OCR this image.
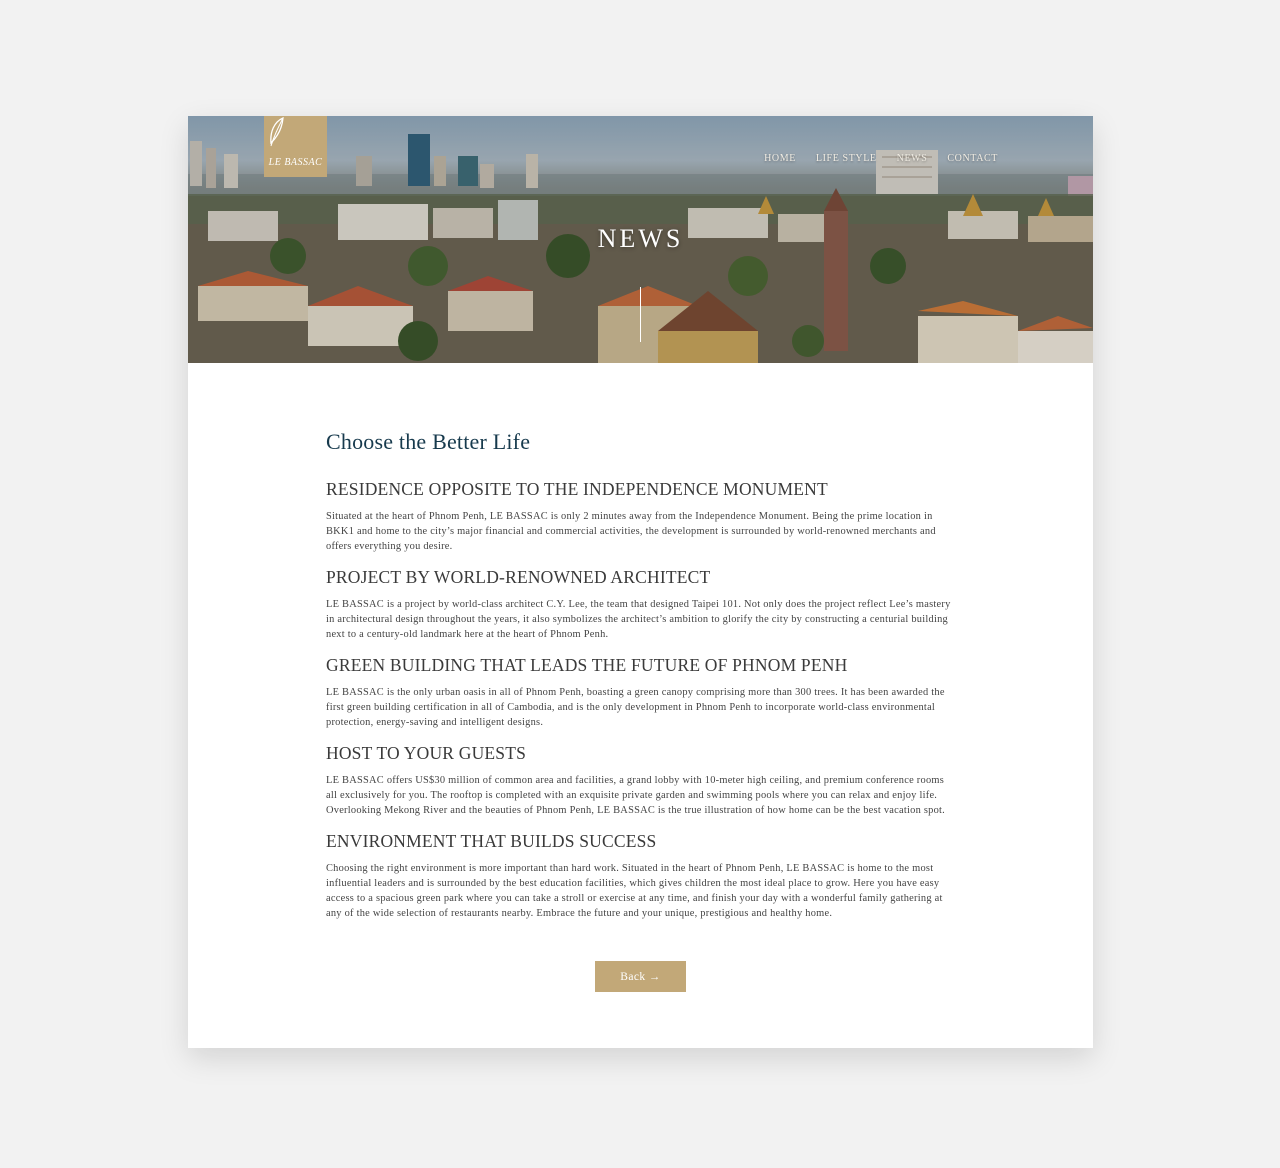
LE BASSAC	HOME LIFE STYLE NEWS CONTACT
NEWS
Choose the Better Life
RESIDENCE OPPOSITE TO THE INDEPENDENCE MONUMENT

Situated at the heart of Phnom Penh, LE BASSAC is only 2 minutes away from the Independence Monument. Being the prime location in BKK1 and home to the city’s major financial and commercial activities, the development is surrounded by world-renowned merchants and offers everything you desire.

PROJECT BY WORLD-RENOWNED ARCHITECT

LE BASSAC is a project by world-class architect C.Y. Lee, the team that designed Taipei 101. Not only does the project reflect Lee’s mastery in architectural design throughout the years, it also symbolizes the architect’s ambition to glorify the city by constructing a centurial building next to a century-old landmark here at the heart of Phnom Penh.

GREEN BUILDING THAT LEADS THE FUTURE OF PHNOM PENH

LE BASSAC is the only urban oasis in all of Phnom Penh, boasting a green canopy comprising more than 300 trees. It has been awarded the first green building certification in all of Cambodia, and is the only development in Phnom Penh to incorporate world-class environmental protection, energy-saving and intelligent designs.

HOST TO YOUR GUESTS

LE BASSAC offers US$30 million of common area and facilities, a grand lobby with 10-meter high ceiling, and premium conference rooms all exclusively for you. The rooftop is completed with an exquisite private garden and swimming pools where you can relax and enjoy life. Overlooking Mekong River and the beauties of Phnom Penh, LE BASSAC is the true illustration of how home can be the best vacation spot.

ENVIRONMENT THAT BUILDS SUCCESS

Choosing the right environment is more important than hard work. Situated in the heart of Phnom Penh, LE BASSAC is home to the most influential leaders and is surrounded by the best education facilities, which gives children the most ideal place to grow. Here you have easy access to a spacious green park where you can take a stroll or exercise at any time, and finish your day with a wonderful family gathering at any of the wide selection of restaurants nearby. Embrace the future and your unique, prestigious and healthy home.

Back →
